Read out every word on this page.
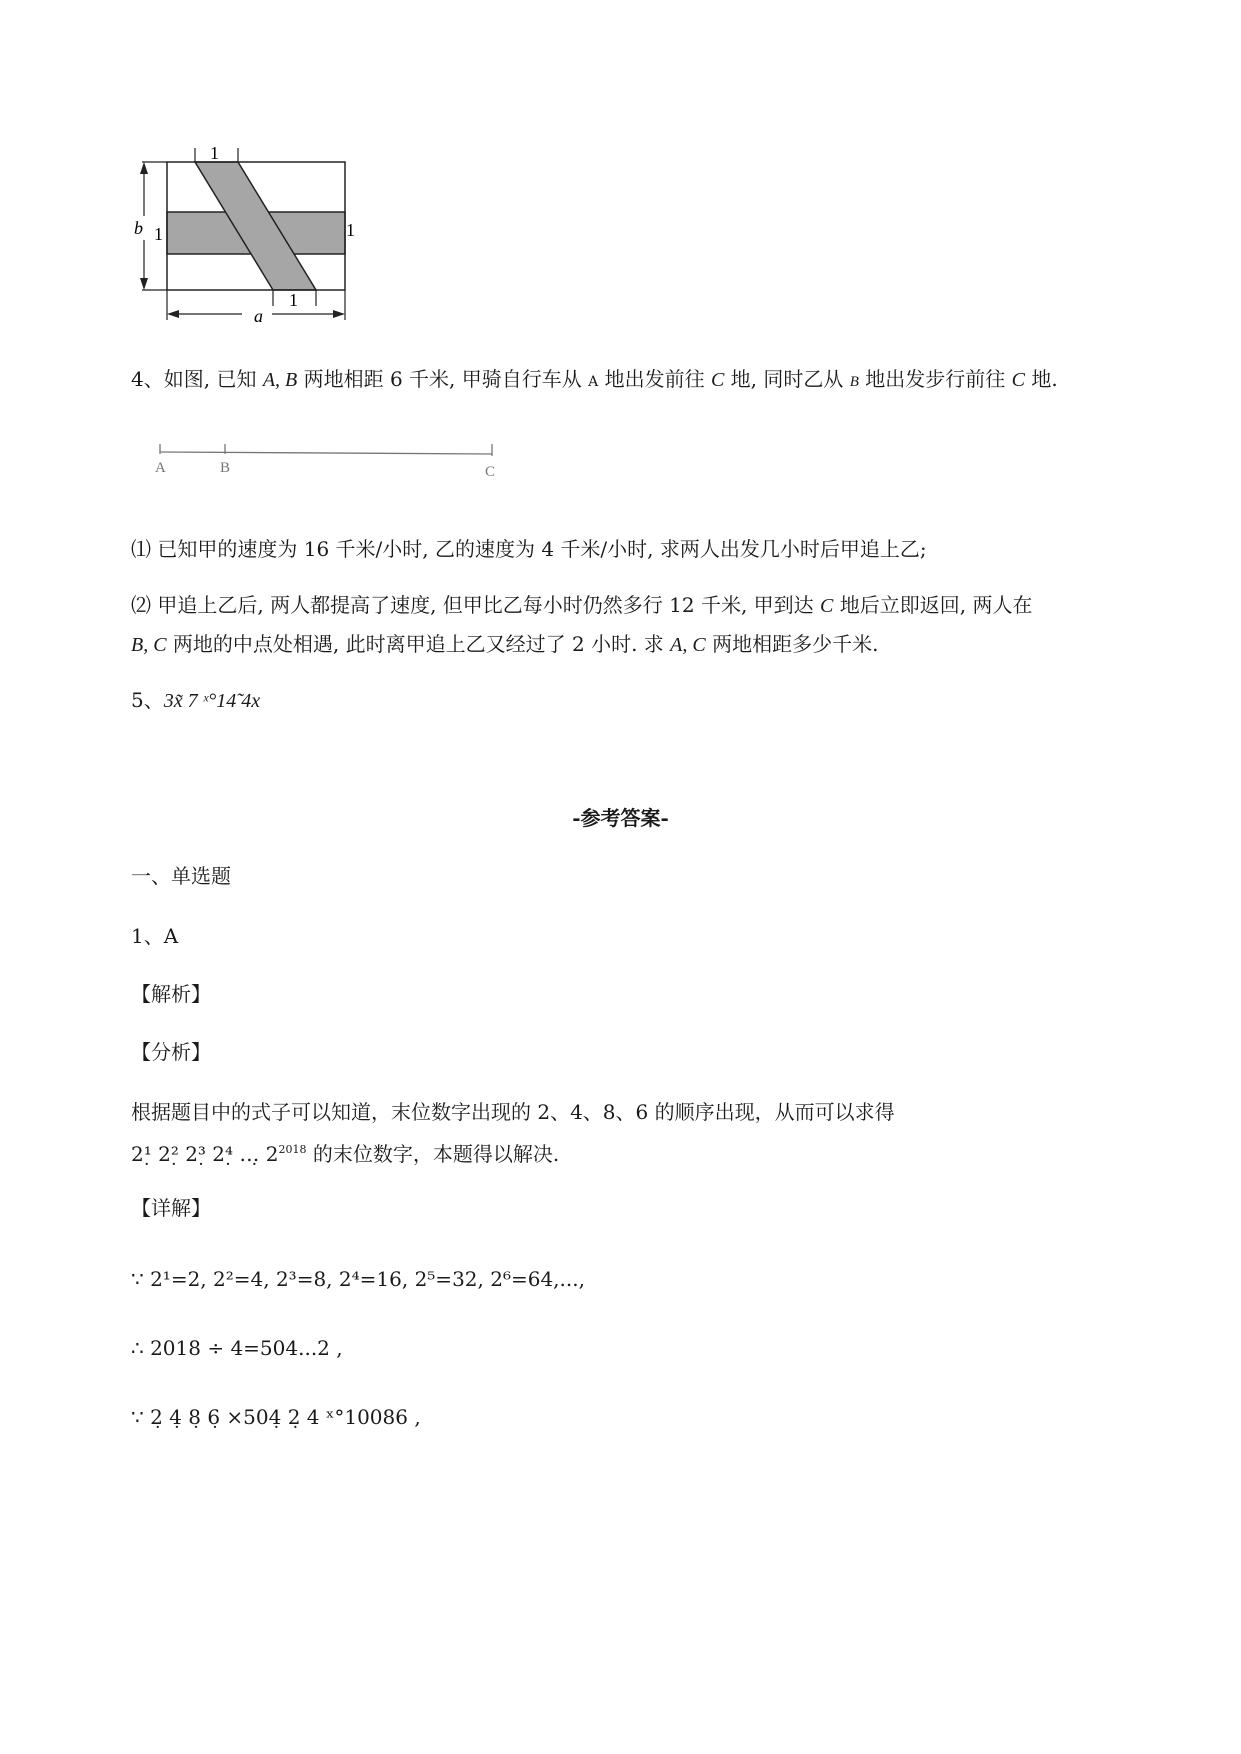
1
1	1
1
b
a
4、如图, 已知 A, B 两地相距 6 千米, 甲骑自行车从 A 地出发前往 C 地, 同时乙从 B 地出发步行前往 C 地.
A	B	C
⑴ 已知甲的速度为 16 千米/小时, 乙的速度为 4 千米/小时, 求两人出发几小时后甲追上乙;
⑵ 甲追上乙后, 两人都提高了速度, 但甲比乙每小时仍然多行 12 千米, 甲到达 C 地后立即返回, 两人在
B, C 两地的中点处相遇, 此时离甲追上乙又经过了 2 小时. 求 A, C 两地相距多少千米.
5、3x̃ 7 ˣ°14̃ 4x
-参考答案-
一、单选题
1、A
【解析】
【分析】
根据题目中的式子可以知道，末位数字出现的 2、4、8、6 的顺序出现，从而可以求得
2¹̣ 2²̣ 2³̣ 2⁴̣ …̣ $2^{2018}$ 的末位数字，本题得以解决.
【详解】
∵ 2¹=2, 2²=4, 2³=8, 2⁴=16, 2⁵=32, 2⁶=64,...,
∴ 2018 ÷ 4=504...2 ,
∵ 2̣ 4̣ 8̣ 6̣ ×504̣ 2̣ 4 ˣ°10086 ,
